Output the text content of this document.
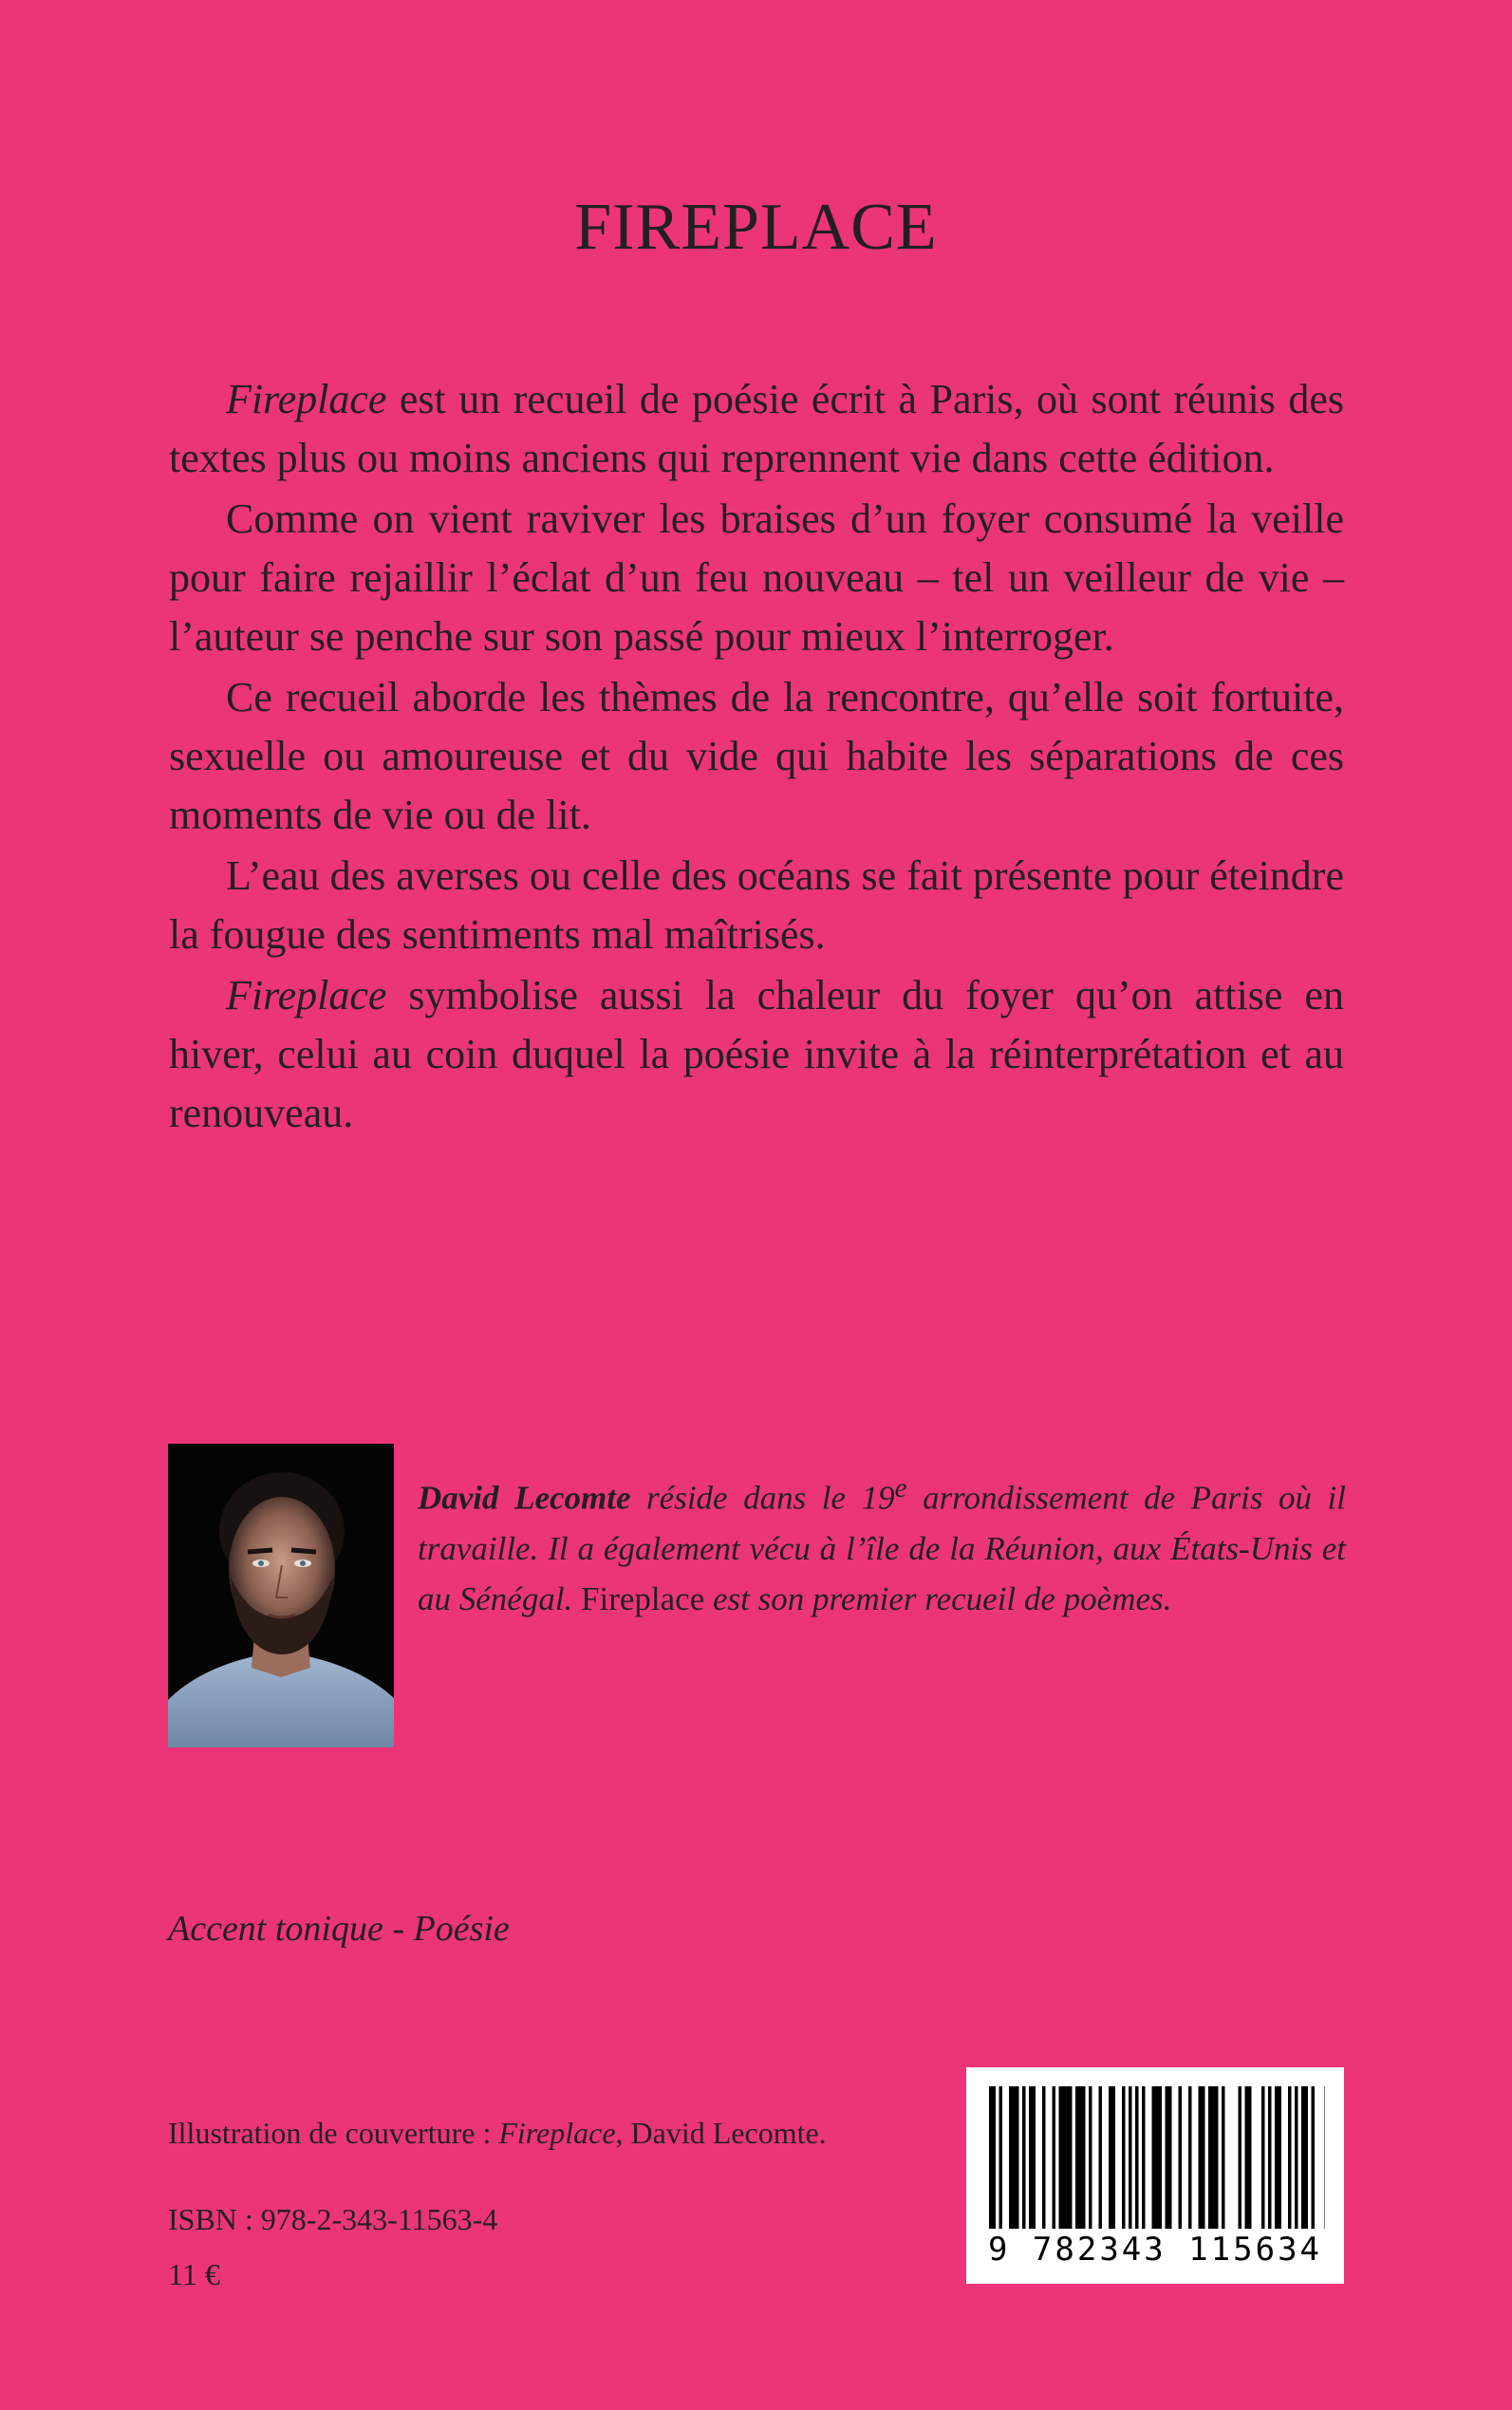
FIREPLACE

Fireplace est un recueil de poésie écrit à Paris, où sont réunis des textes plus ou moins anciens qui reprennent vie dans cette édition.

Comme on vient raviver les braises d’un foyer consumé la veille pour faire rejaillir l’éclat d’un feu nouveau – tel un veilleur de vie – l’auteur se penche sur son passé pour mieux l’interroger.

Ce recueil aborde les thèmes de la rencontre, qu’elle soit fortuite, sexuelle ou amoureuse et du vide qui habite les séparations de ces moments de vie ou de lit.

L’eau des averses ou celle des océans se fait présente pour éteindre la fougue des sentiments mal maîtrisés.

Fireplace symbolise aussi la chaleur du foyer qu’on attise en hiver, celui au coin duquel la poésie invite à la réinterprétation et au renouveau.

David Lecomte réside dans le 19e arrondissement de Paris où il travaille. Il a également vécu à l’île de la Réunion, aux États-Unis et au Sénégal. Fireplace est son premier recueil de poèmes.
Accent tonique - Poésie
Illustration de couverture : Fireplace, David Lecomte.
ISBN : 978-2-343-11563-4
11 €
9 782343 115634
